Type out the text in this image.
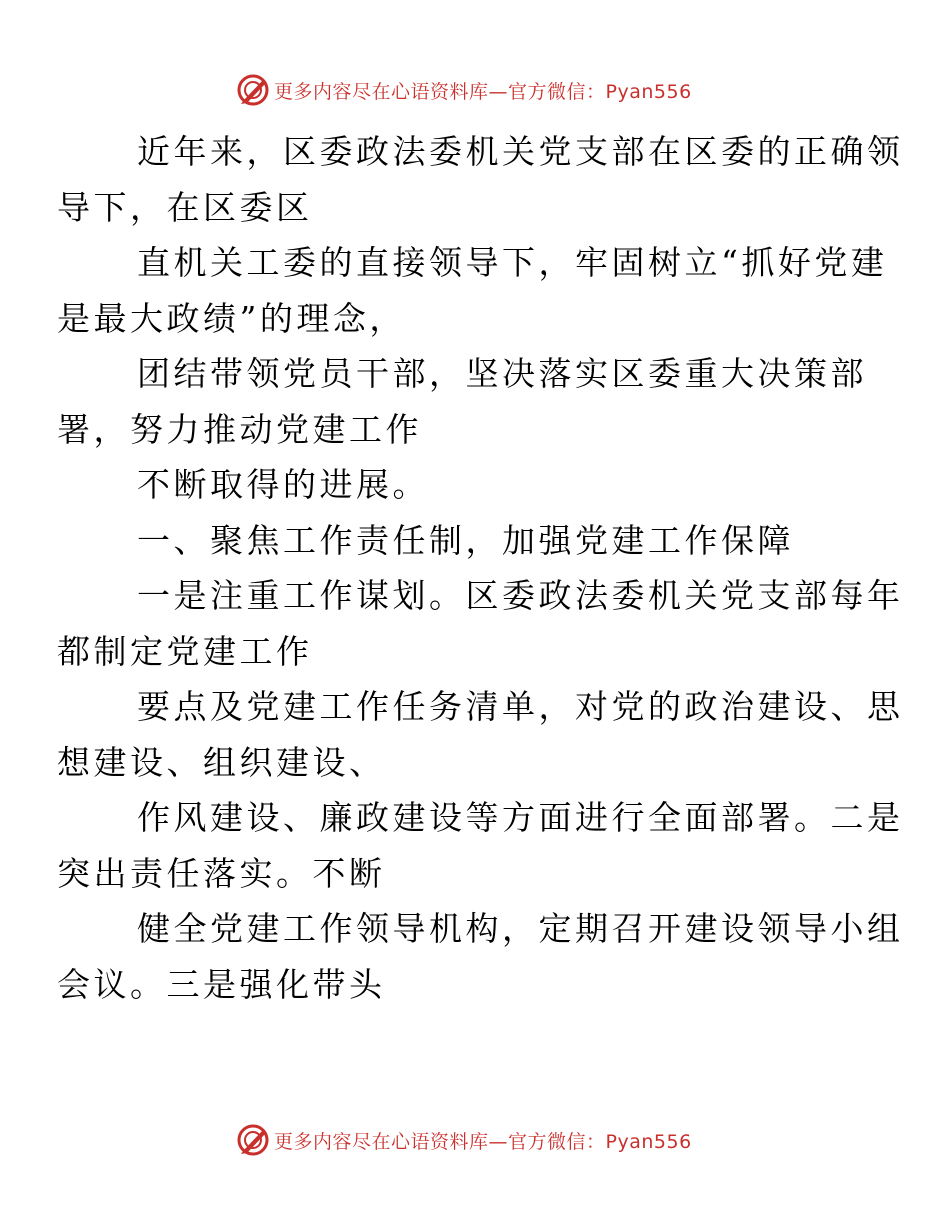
更多内容尽在心语资料库—官方微信：Pyan556

近年来，区委政法委机关党支部在区委的正确领
导下，在区委区

直机关工委的直接领导下，牢固树立“抓好党建
是最大政绩”的理念，

团结带领党员干部，坚决落实区委重大决策部
署，努力推动党建工作

不断取得的进展。

一、聚焦工作责任制，加强党建工作保障

一是注重工作谋划。区委政法委机关党支部每年
都制定党建工作

要点及党建工作任务清单，对党的政治建设、思
想建设、组织建设、

作风建设、廉政建设等方面进行全面部署。二是
突出责任落实。不断

健全党建工作领导机构，定期召开建设领导小组
会议。三是强化带头

更多内容尽在心语资料库—官方微信：Pyan556
